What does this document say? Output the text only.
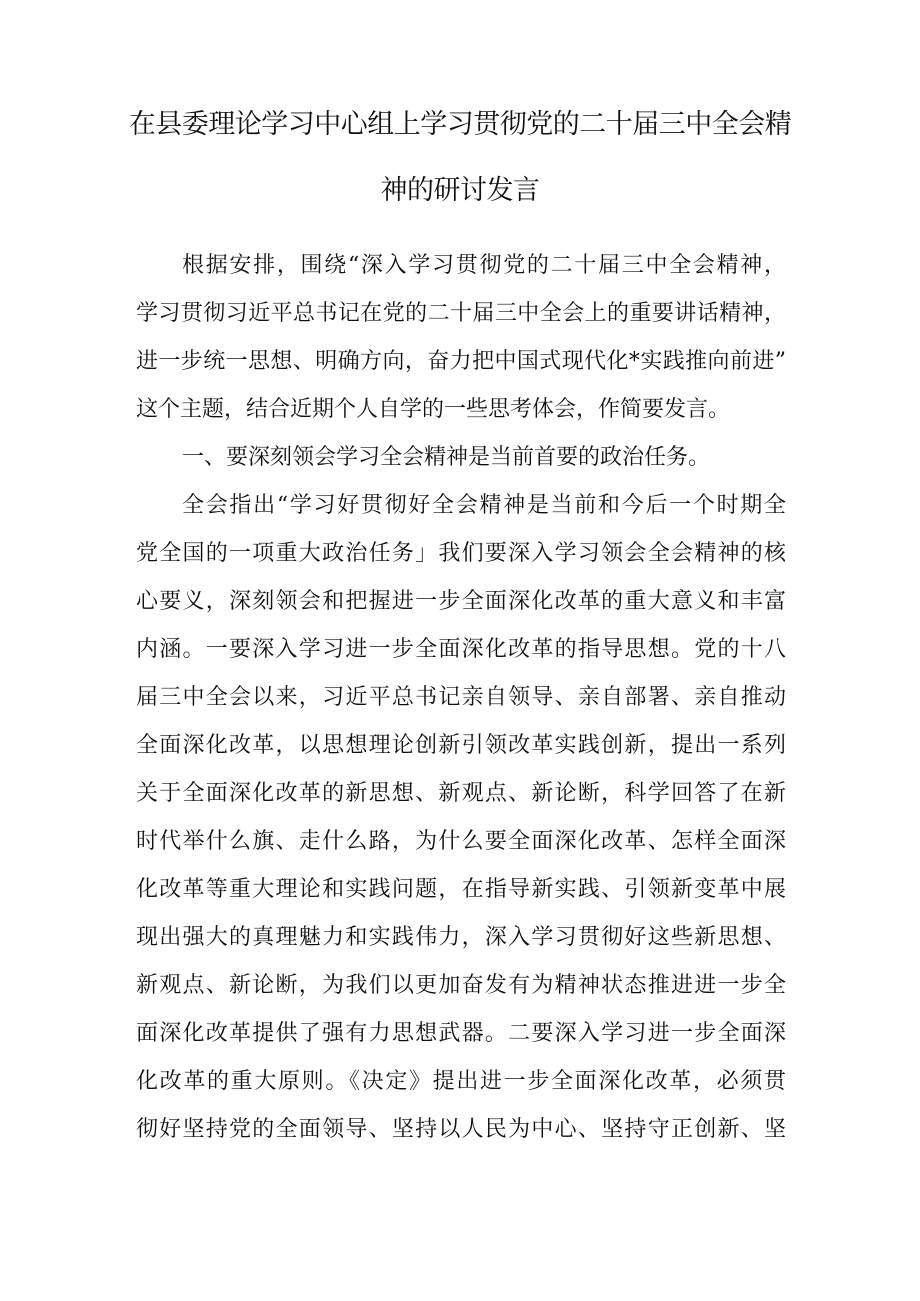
在县委理论学习中心组上学习贯彻党的二十届三中全会精
神的研讨发言
根据安排，围绕“深入学习贯彻党的二十届三中全会精神，
学习贯彻习近平总书记在党的二十届三中全会上的重要讲话精神，
进一步统一思想、明确方向，奋力把中国式现代化*实践推向前进”
这个主题，结合近期个人自学的一些思考体会，作简要发言。
一、要深刻领会学习全会精神是当前首要的政治任务。
全会指出“学习好贯彻好全会精神是当前和今后一个时期全
党全国的一项重大政治任务」我们要深入学习领会全会精神的核
心要义，深刻领会和把握进一步全面深化改革的重大意义和丰富
内涵。一要深入学习进一步全面深化改革的指导思想。党的十八
届三中全会以来，习近平总书记亲自领导、亲自部署、亲自推动
全面深化改革，以思想理论创新引领改革实践创新，提出一系列
关于全面深化改革的新思想、新观点、新论断，科学回答了在新
时代举什么旗、走什么路，为什么要全面深化改革、怎样全面深
化改革等重大理论和实践问题，在指导新实践、引领新变革中展
现出强大的真理魅力和实践伟力，深入学习贯彻好这些新思想、
新观点、新论断，为我们以更加奋发有为精神状态推进进一步全
面深化改革提供了强有力思想武器。二要深入学习进一步全面深
化改革的重大原则。《决定》提出进一步全面深化改革，必须贯
彻好坚持党的全面领导、坚持以人民为中心、坚持守正创新、坚
